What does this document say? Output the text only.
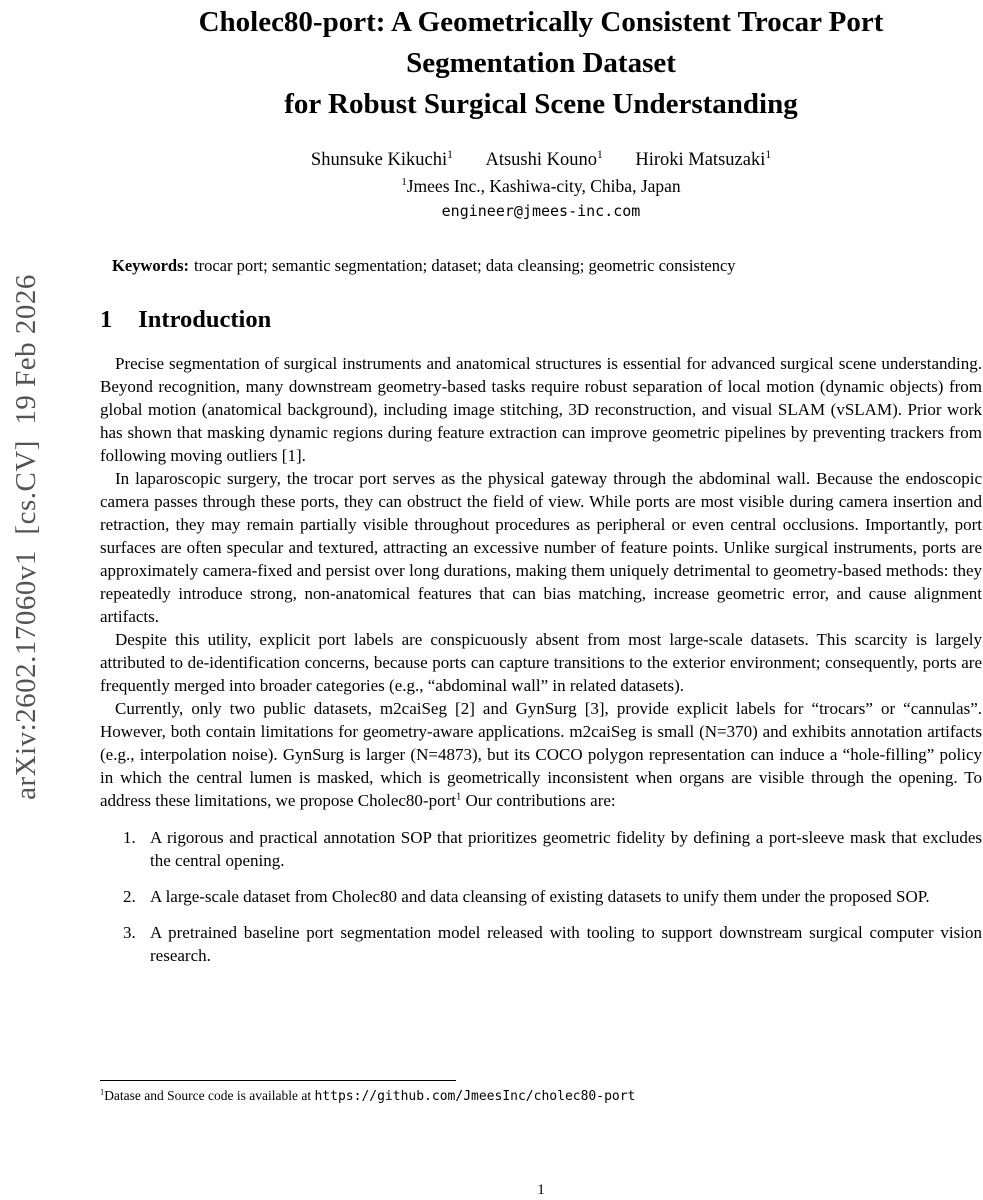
arXiv:2602.17060v1  [cs.CV]  19 Feb 2026
Cholec80-port: A Geometrically Consistent Trocar Port
Segmentation Dataset
for Robust Surgical Scene Understanding
Shunsuke Kikuchi$^1$ Atsushi Kouno$^1$ Hiroki Matsuzaki$^1$
$^1$Jmees Inc., Kashiwa-city, Chiba, Japan
engineer@jmees-inc.com
Keywords: trocar port; semantic segmentation; dataset; data cleansing; geometric consistency
1 Introduction

Precise segmentation of surgical instruments and anatomical structures is essential for advanced surgical scene understanding. Beyond recognition, many downstream geometry-based tasks require robust separation of local motion (dynamic objects) from global motion (anatomical background), including image stitching, 3D reconstruction, and visual SLAM (vSLAM). Prior work has shown that masking dynamic regions during feature extraction can improve geometric pipelines by preventing trackers from following moving outliers [1].

In laparoscopic surgery, the trocar port serves as the physical gateway through the abdominal wall. Because the endoscopic camera passes through these ports, they can obstruct the field of view. While ports are most visible during camera insertion and retraction, they may remain partially visible throughout procedures as peripheral or even central occlusions. Importantly, port surfaces are often specular and textured, attracting an excessive number of feature points. Unlike surgical instruments, ports are approximately camera-fixed and persist over long durations, making them uniquely detrimental to geometry-based methods: they repeatedly introduce strong, non-anatomical features that can bias matching, increase geometric error, and cause alignment artifacts.

Despite this utility, explicit port labels are conspicuously absent from most large-scale datasets. This scarcity is largely attributed to de-identification concerns, because ports can capture transitions to the exterior environment; consequently, ports are frequently merged into broader categories (e.g., “abdominal wall” in related datasets).

Currently, only two public datasets, m2caiSeg [2] and GynSurg [3], provide explicit labels for “trocars” or “cannulas”. However, both contain limitations for geometry-aware applications. m2caiSeg is small (N=370) and exhibits annotation artifacts (e.g., interpolation noise). GynSurg is larger (N=4873), but its COCO polygon representation can induce a “hole-filling” policy in which the central lumen is masked, which is geometrically inconsistent when organs are visible through the opening. To address these limitations, we propose Cholec80-port$^1$ Our contributions are:

1. A rigorous and practical annotation SOP that prioritizes geometric fidelity by defining a port-sleeve mask that excludes the central opening.
2. A large-scale dataset from Cholec80 and data cleansing of existing datasets to unify them under the proposed SOP.
3. A pretrained baseline port segmentation model released with tooling to support downstream surgical computer vision research.
$^1$Datase and Source code is available at https://github.com/JmeesInc/cholec80-port
1
